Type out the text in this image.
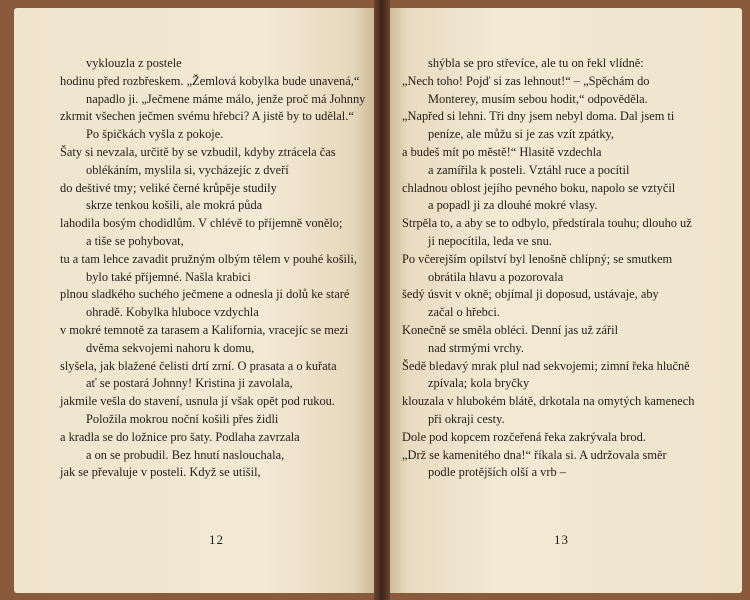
vyklouzla z postele
hodinu před rozbřeskem. „Žemlová kobylka bude unavená,“
napadlo ji. „Ječmene máme málo, jenže proč má Johnny
zkrmit všechen ječmen svému hřebci? A jistě by to udělal.“
Po špičkách vyšla z pokoje.
Šaty si nevzala, určitě by se vzbudil, kdyby ztrácela čas
oblékáním, myslila si, vycházejíc z dveří
do deštivé tmy; veliké černé krůpěje studily
skrze tenkou košili, ale mokrá půda
lahodila bosým chodidlům. V chlévě to příjemně vonělo;
a tiše se pohybovat,
tu a tam lehce zavadit pružným olbým tělem v pouhé košili,
bylo také příjemné. Našla krabici
plnou sladkého suchého ječmene a odnesla ji dolů ke staré
ohradě. Kobylka hluboce vzdychla
v mokré temnotě za tarasem a Kalifornia, vracejíc se mezi
dvěma sekvojemi nahoru k domu,
slyšela, jak blažené čelisti drtí zrní. O prasata a o kuřata
ať se postará Johnny! Kristina ji zavolala,
jakmile vešla do stavení, usnula jí však opět pod rukou.
Položila mokrou noční košili přes židli
a kradla se do ložnice pro šaty. Podlaha zavrzala
a on se probudil. Bez hnutí naslouchala,
jak se převaluje v posteli. Když se utišil,
12
shýbla se pro střevíce, ale tu on řekl vlídně:
„Nech toho! Pojď si zas lehnout!“ – „Spěchám do
Monterey, musím sebou hodit,“ odpověděla.
„Napřed si lehni. Tři dny jsem nebyl doma. Dal jsem ti
peníze, ale můžu si je zas vzít zpátky,
a budeš mít po městě!“ Hlasitě vzdechla
a zamířila k posteli. Vztáhl ruce a pocítil
chladnou oblost jejího pevného boku, napolo se vztyčil
a popadl ji za dlouhé mokré vlasy.
Strpěla to, a aby se to odbylo, předstírala touhu; dlouho už
ji nepocítila, leda ve snu.
Po včerejším opilství byl lenošně chlípný; se smutkem
obrátila hlavu a pozorovala
šedý úsvit v okně; objímal ji doposud, ustávaje, aby
začal o hřebci.
Konečně se směla obléci. Denní jas už zářil
nad strmými vrchy.
Šedě bledavý mrak plul nad sekvojemi; zimní řeka hlučně
zpívala; kola bryčky
klouzala v hlubokém blátě, drkotala na omytých kamenech
při okraji cesty.
Dole pod kopcem rozčeřená řeka zakrývala brod.
„Drž se kamenitého dna!“ říkala si. A udržovala směr
podle protějších olší a vrb –
13
